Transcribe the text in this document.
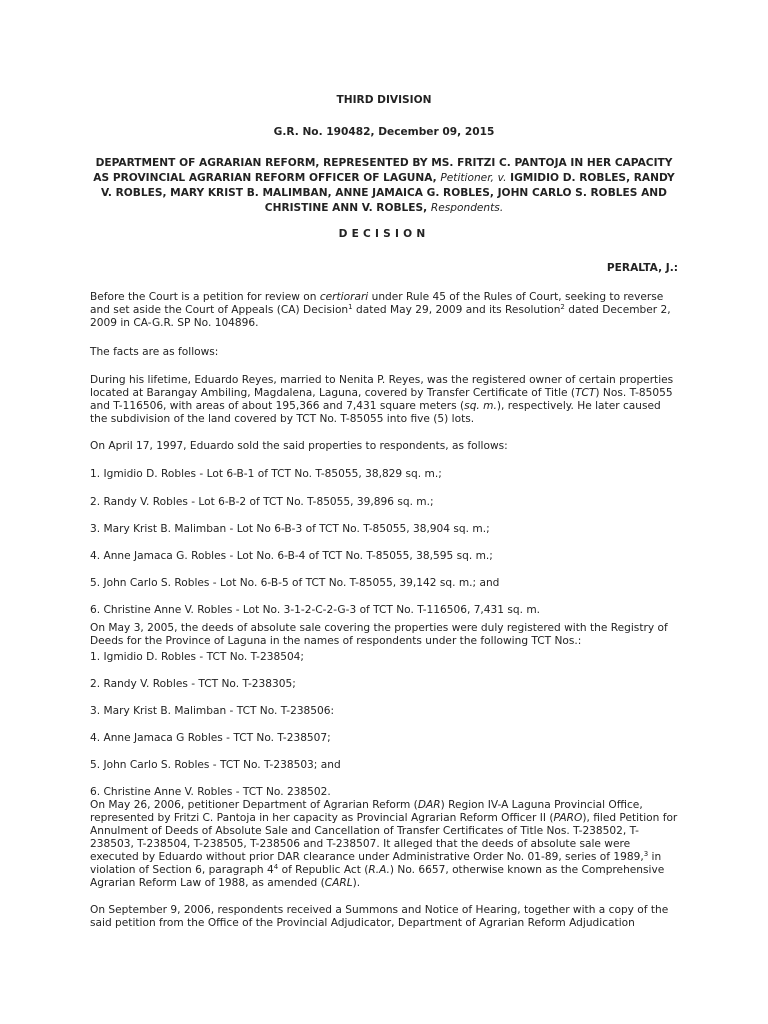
THIRD DIVISION
G.R. No. 190482, December 09, 2015
DEPARTMENT OF AGRARIAN REFORM, REPRESENTED BY MS. FRITZI C. PANTOJA IN HER CAPACITY AS PROVINCIAL AGRARIAN REFORM OFFICER OF LAGUNA, Petitioner, v. IGMIDIO D. ROBLES, RANDY V. ROBLES, MARY KRIST B. MALIMBAN, ANNE JAMAICA G. ROBLES, JOHN CARLO S. ROBLES AND CHRISTINE ANN V. ROBLES, Respondents.
DECISION
PERALTA, J.:

Before the Court is a petition for review on certiorari under Rule 45 of the Rules of Court, seeking to reverse and set aside the Court of Appeals (CA) Decision$^1$ dated May 29, 2009 and its Resolution$^2$ dated December 2, 2009 in CA-G.R. SP No. 104896.

The facts are as follows:

During his lifetime, Eduardo Reyes, married to Nenita P. Reyes, was the registered owner of certain properties located at Barangay Ambiling, Magdalena, Laguna, covered by Transfer Certificate of Title (TCT) Nos. T-85055 and T-116506, with areas of about 195,366 and 7,431 square meters (sq. m.), respectively. He later caused the subdivision of the land covered by TCT No. T-85055 into five (5) lots.

On April 17, 1997, Eduardo sold the said properties to respondents, as follows:

1. Igmidio D. Robles - Lot 6-B-1 of TCT No. T-85055, 38,829 sq. m.;

2. Randy V. Robles - Lot 6-B-2 of TCT No. T-85055, 39,896 sq. m.;

3. Mary Krist B. Malimban - Lot No 6-B-3 of TCT No. T-85055, 38,904 sq. m.;

4. Anne Jamaca G. Robles - Lot No. 6-B-4 of TCT No. T-85055, 38,595 sq. m.;

5. John Carlo S. Robles - Lot No. 6-B-5 of TCT No. T-85055, 39,142 sq. m.; and

6. Christine Anne V. Robles - Lot No. 3-1-2-C-2-G-3 of TCT No. T-116506, 7,431 sq. m.

On May 3, 2005, the deeds of absolute sale covering the properties were duly registered with the Registry of Deeds for the Province of Laguna in the names of respondents under the following TCT Nos.:

1. Igmidio D. Robles - TCT No. T-238504;

2. Randy V. Robles - TCT No. T-238305;

3. Mary Krist B. Malimban - TCT No. T-238506:

4. Anne Jamaca G Robles - TCT No. T-238507;

5. John Carlo S. Robles - TCT No. T-238503; and

6. Christine Anne V. Robles - TCT No. 238502.

On May 26, 2006, petitioner Department of Agrarian Reform (DAR) Region IV-A Laguna Provincial Office, represented by Fritzi C. Pantoja in her capacity as Provincial Agrarian Reform Officer II (PARO), filed Petition for Annulment of Deeds of Absolute Sale and Cancellation of Transfer Certificates of Title Nos. T-238502, T-238503, T-238504, T-238505, T-238506 and T-238507. It alleged that the deeds of absolute sale were executed by Eduardo without prior DAR clearance under Administrative Order No. 01-89, series of 1989,$^3$ in violation of Section 6, paragraph $4^4$ of Republic Act (R.A.) No. 6657, otherwise known as the Comprehensive Agrarian Reform Law of 1988, as amended (CARL).

On September 9, 2006, respondents received a Summons and Notice of Hearing, together with a copy of the said petition from the Office of the Provincial Adjudicator, Department of Agrarian Reform Adjudication
